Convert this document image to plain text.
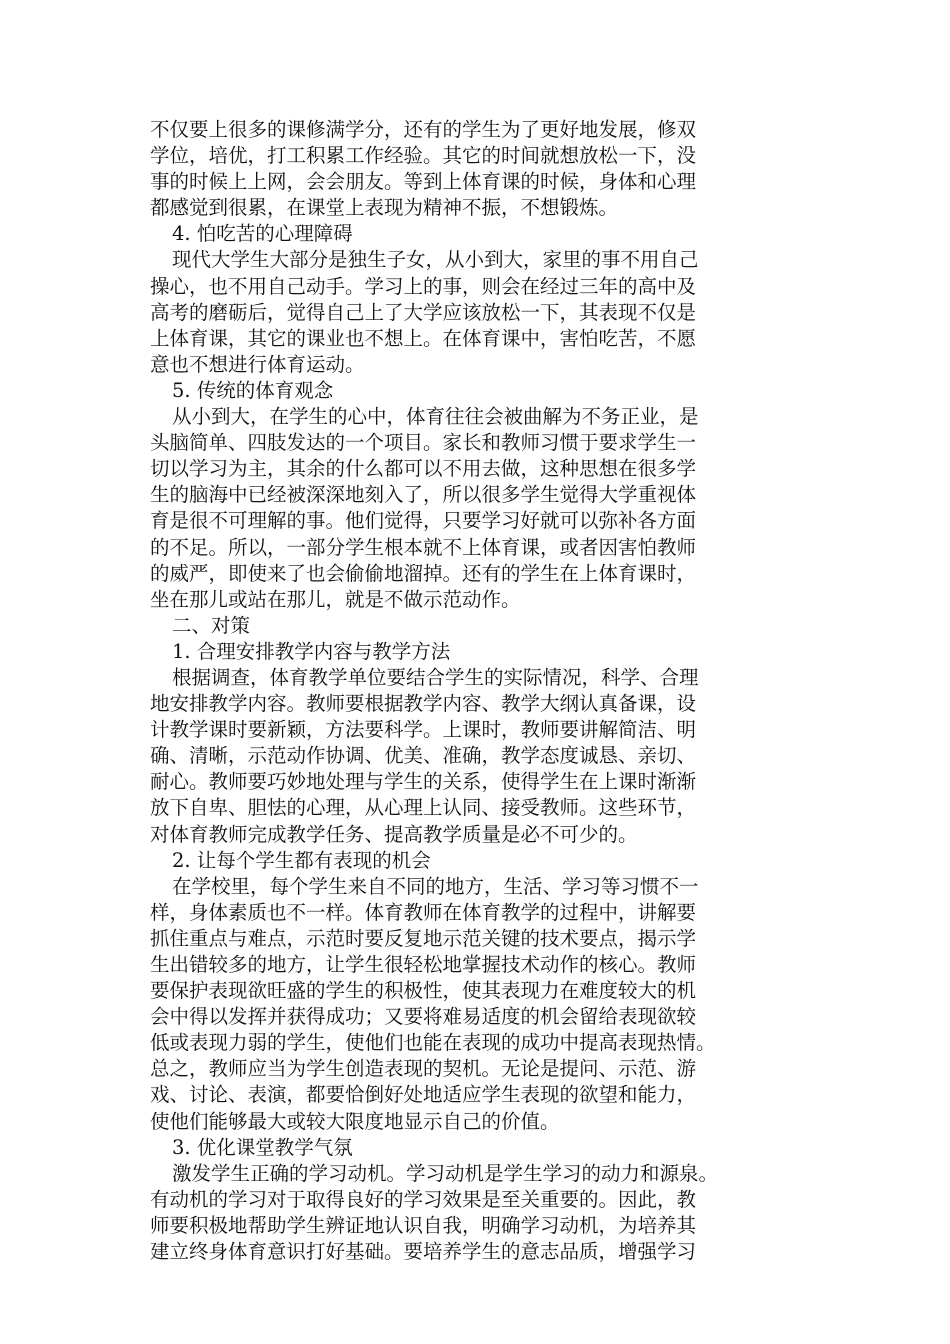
不仅要上很多的课修满学分，还有的学生为了更好地发展，修双
学位，培优，打工积累工作经验。其它的时间就想放松一下，没
事的时候上上网，会会朋友。等到上体育课的时候，身体和心理
都感觉到很累，在课堂上表现为精神不振，不想锻炼。
4. 怕吃苦的心理障碍
现代大学生大部分是独生子女，从小到大，家里的事不用自己
操心，也不用自己动手。学习上的事，则会在经过三年的高中及
高考的磨砺后，觉得自己上了大学应该放松一下，其表现不仅是
上体育课，其它的课业也不想上。在体育课中，害怕吃苦，不愿
意也不想进行体育运动。
5. 传统的体育观念
从小到大，在学生的心中，体育往往会被曲解为不务正业，是
头脑简单、四肢发达的一个项目。家长和教师习惯于要求学生一
切以学习为主，其余的什么都可以不用去做，这种思想在很多学
生的脑海中已经被深深地刻入了，所以很多学生觉得大学重视体
育是很不可理解的事。他们觉得，只要学习好就可以弥补各方面
的不足。所以，一部分学生根本就不上体育课，或者因害怕教师
的威严，即使来了也会偷偷地溜掉。还有的学生在上体育课时，
坐在那儿或站在那儿，就是不做示范动作。
二、对策
1. 合理安排教学内容与教学方法
根据调查，体育教学单位要结合学生的实际情况，科学、合理
地安排教学内容。教师要根据教学内容、教学大纲认真备课，设
计教学课时要新颖，方法要科学。上课时，教师要讲解简洁、明
确、清晰，示范动作协调、优美、准确，教学态度诚恳、亲切、
耐心。教师要巧妙地处理与学生的关系，使得学生在上课时渐渐
放下自卑、胆怯的心理，从心理上认同、接受教师。这些环节，
对体育教师完成教学任务、提高教学质量是必不可少的。
2. 让每个学生都有表现的机会
在学校里，每个学生来自不同的地方，生活、学习等习惯不一
样，身体素质也不一样。体育教师在体育教学的过程中，讲解要
抓住重点与难点，示范时要反复地示范关键的技术要点，揭示学
生出错较多的地方，让学生很轻松地掌握技术动作的核心。教师
要保护表现欲旺盛的学生的积极性，使其表现力在难度较大的机
会中得以发挥并获得成功；又要将难易适度的机会留给表现欲较
低或表现力弱的学生，使他们也能在表现的成功中提高表现热情。
总之，教师应当为学生创造表现的契机。无论是提问、示范、游
戏、讨论、表演，都要恰倒好处地适应学生表现的欲望和能力，
使他们能够最大或较大限度地显示自己的价值。
3. 优化课堂教学气氛
激发学生正确的学习动机。学习动机是学生学习的动力和源泉。
有动机的学习对于取得良好的学习效果是至关重要的。因此，教
师要积极地帮助学生辨证地认识自我，明确学习动机，为培养其
建立终身体育意识打好基础。要培养学生的意志品质，增强学习
